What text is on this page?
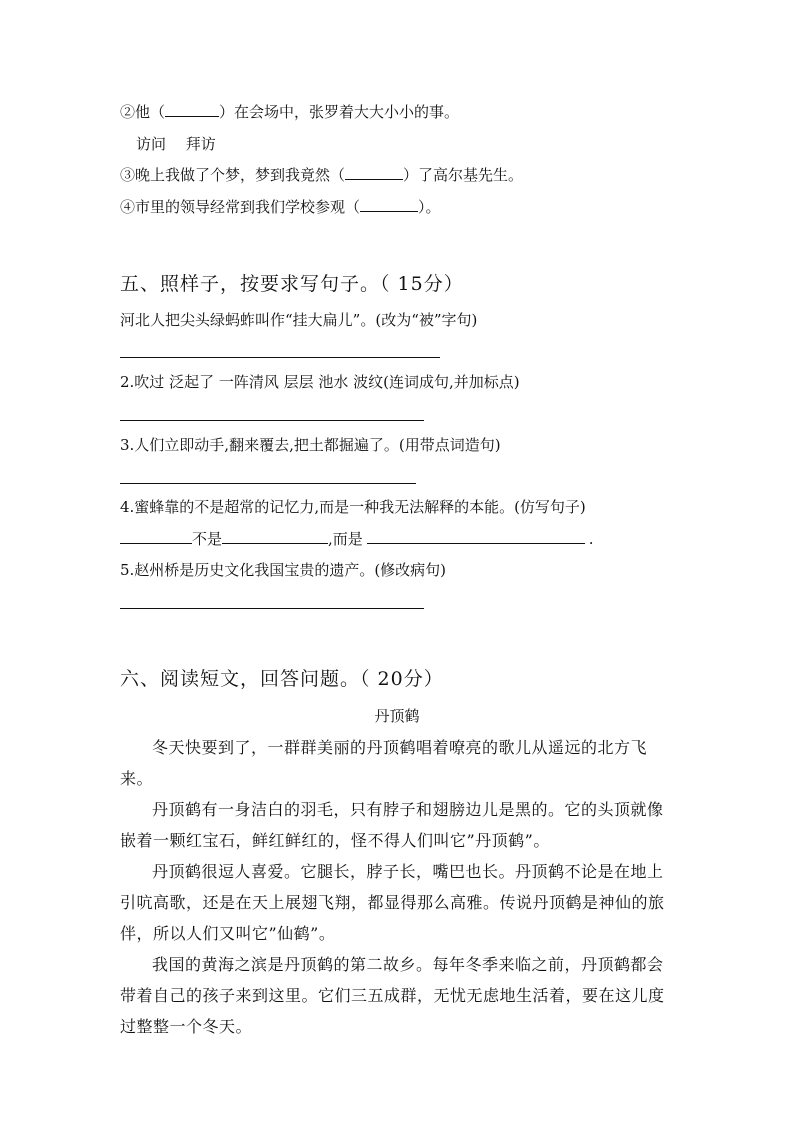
②他（	）在会场中，张罗着大大小小的事。
访问　 拜访
③晚上我做了个梦，梦到我竟然（	）了高尔基先生。
④市里的领导经常到我们学校参观（	）。
五、照样子，按要求写句子。（ 15分）
河北人把尖头绿蚂蚱叫作“挂大扁儿”。(改为“被”字句)
2.吹过 泛起了 一阵清风 层层 池水 波纹(连词成句,并加标点)
3.人们立即动手,翻来覆去,把土都掘遍了。(用带点词造句)
4.蜜蜂靠的不是超常的记忆力,而是一种我无法解释的本能。(仿写句子)
不是	,而是	.
5.赵州桥是历史文化我国宝贵的遗产。(修改病句)
六、阅读短文，回答问题。（ 20分）
丹顶鹤

冬天快要到了，一群群美丽的丹顶鹤唱着嘹亮的歌儿从遥远的北方飞来。

丹顶鹤有一身洁白的羽毛，只有脖子和翅膀边儿是黑的。它的头顶就像嵌着一颗红宝石，鲜红鲜红的，怪不得人们叫它”丹顶鹤”。

丹顶鹤很逗人喜爱。它腿长，脖子长，嘴巴也长。丹顶鹤不论是在地上引吭高歌，还是在天上展翅飞翔，都显得那么高雅。传说丹顶鹤是神仙的旅伴，所以人们又叫它”仙鹤”。

我国的黄海之滨是丹顶鹤的第二故乡。每年冬季来临之前，丹顶鹤都会带着自己的孩子来到这里。它们三五成群，无忧无虑地生活着，要在这儿度过整整一个冬天。
